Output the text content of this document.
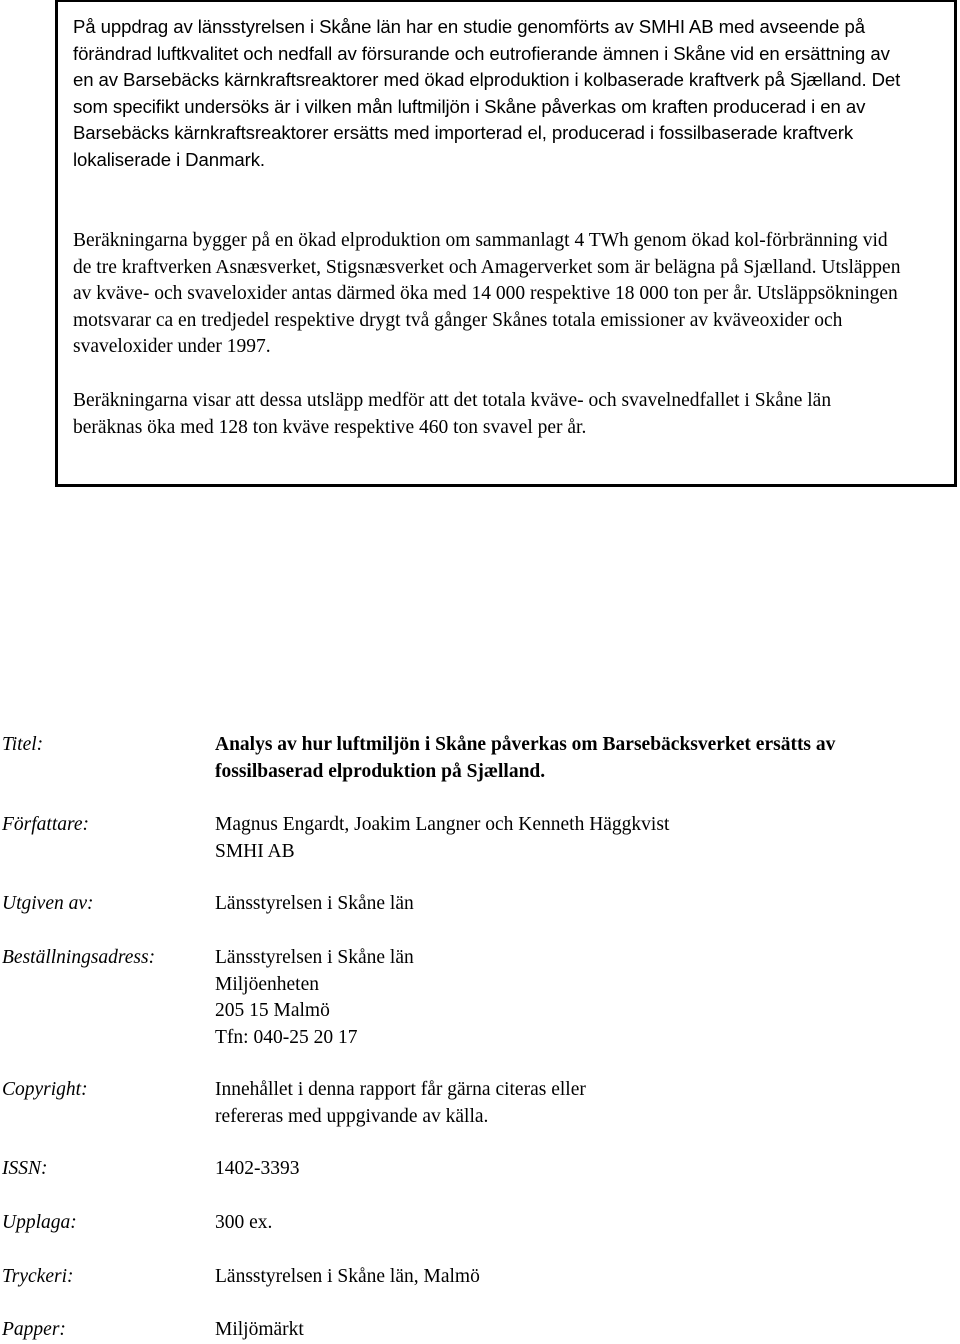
På uppdrag av länsstyrelsen i Skåne län har en studie genomförts av SMHI AB med avseende på förändrad luftkvalitet och nedfall av försurande och eutrofierande ämnen i Skåne vid en ersättning av en av Barsebäcks kärnkraftsreaktorer med ökad elproduktion i kolbaserade kraftverk på Sjælland. Det som specifikt undersöks är i vilken mån luftmiljön i Skåne påverkas om kraften producerad i en av Barsebäcks kärnkraftsreaktorer ersätts med importerad el, producerad i fossilbaserade kraftverk lokaliserade i Danmark.

Beräkningarna bygger på en ökad elproduktion om sammanlagt 4 TWh genom ökad kol-förbränning vid de tre kraftverken Asnæsverket, Stigsnæsverket och Amagerverket som är belägna på Sjælland. Utsläppen av kväve- och svaveloxider antas därmed öka med 14 000 respektive 18 000 ton per år. Utsläppsökningen motsvarar ca en tredjedel respektive drygt två gånger Skånes totala emissioner av kväveoxider och svaveloxider under 1997.

Beräkningarna visar att dessa utsläpp medför att det totala kväve- och svavelnedfallet i Skåne län beräknas öka med 128 ton kväve respektive 460 ton svavel per år.

Titel:	Analys av hur luftmiljön i Skåne påverkas om Barsebäcksverket ersätts av
fossilbaserad elproduktion på Sjælland.
Författare:	Magnus Engardt, Joakim Langner och Kenneth Häggkvist
SMHI AB
Utgiven av:	Länsstyrelsen i Skåne län
Beställningsadress:	Länsstyrelsen i Skåne län
Miljöenheten
205 15 Malmö
Tfn: 040-25 20 17
Copyright:	Innehållet i denna rapport får gärna citeras eller
refereras med uppgivande av källa.
ISSN:	1402-3393
Upplaga:	300 ex.
Tryckeri:	Länsstyrelsen i Skåne län, Malmö
Papper:	Miljömärkt
